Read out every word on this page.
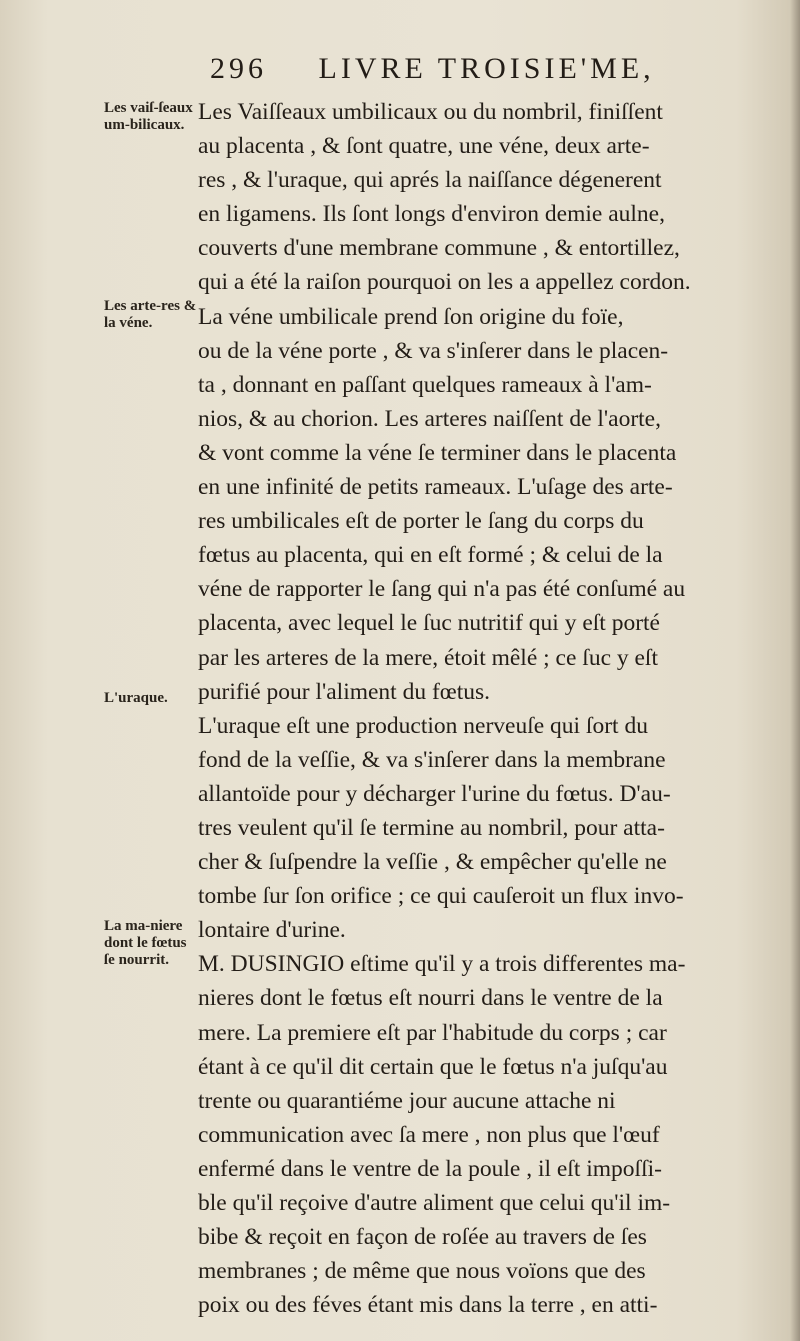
296 LIVRE TROISIE'ME,
Les vaiſ-ſeaux um-bilicaux.
Les arte-res & la véne.
L'uraque.
La ma-niere dont le fœtus ſe nourrit.
Les Vaiſſeaux umbilicaux ou du nombril, finiſſent
au placenta , & ſont quatre, une véne, deux arte-
res , & l'uraque, qui aprés la naiſſance dégenerent
en ligamens. Ils ſont longs d'environ demie aulne,
couverts d'une membrane commune , & entortillez,
qui a été la raiſon pourquoi on les a appellez cordon.
La véne umbilicale prend ſon origine du foïe,
ou de la véne porte , & va s'inſerer dans le placen-
ta , donnant en paſſant quelques rameaux à l'am-
nios, & au chorion. Les arteres naiſſent de l'aorte,
& vont comme la véne ſe terminer dans le placenta
en une infinité de petits rameaux. L'uſage des arte-
res umbilicales eſt de porter le ſang du corps du
fœtus au placenta, qui en eſt formé ; & celui de la
véne de rapporter le ſang qui n'a pas été conſumé au
placenta, avec lequel le ſuc nutritif qui y eſt porté
par les arteres de la mere, étoit mêlé ; ce ſuc y eſt
purifié pour l'aliment du fœtus.
L'uraque eſt une production nerveuſe qui ſort du
fond de la veſſie, & va s'inſerer dans la membrane
allantoïde pour y décharger l'urine du fœtus. D'au-
tres veulent qu'il ſe termine au nombril, pour atta-
cher & ſuſpendre la veſſie , & empêcher qu'elle ne
tombe ſur ſon orifice ; ce qui cauſeroit un flux invo-
lontaire d'urine.
M. DUSINGIO eſtime qu'il y a trois differentes ma-
nieres dont le fœtus eſt nourri dans le ventre de la
mere. La premiere eſt par l'habitude du corps ; car
étant à ce qu'il dit certain que le fœtus n'a juſqu'au
trente ou quarantiéme jour aucune attache ni
communication avec ſa mere , non plus que l'œuf
enfermé dans le ventre de la poule , il eſt impoſſi-
ble qu'il reçoive d'autre aliment que celui qu'il im-
bibe & reçoit en façon de roſée au travers de ſes
membranes ; de même que nous voïons que des
poix ou des féves étant mis dans la terre , en atti-
